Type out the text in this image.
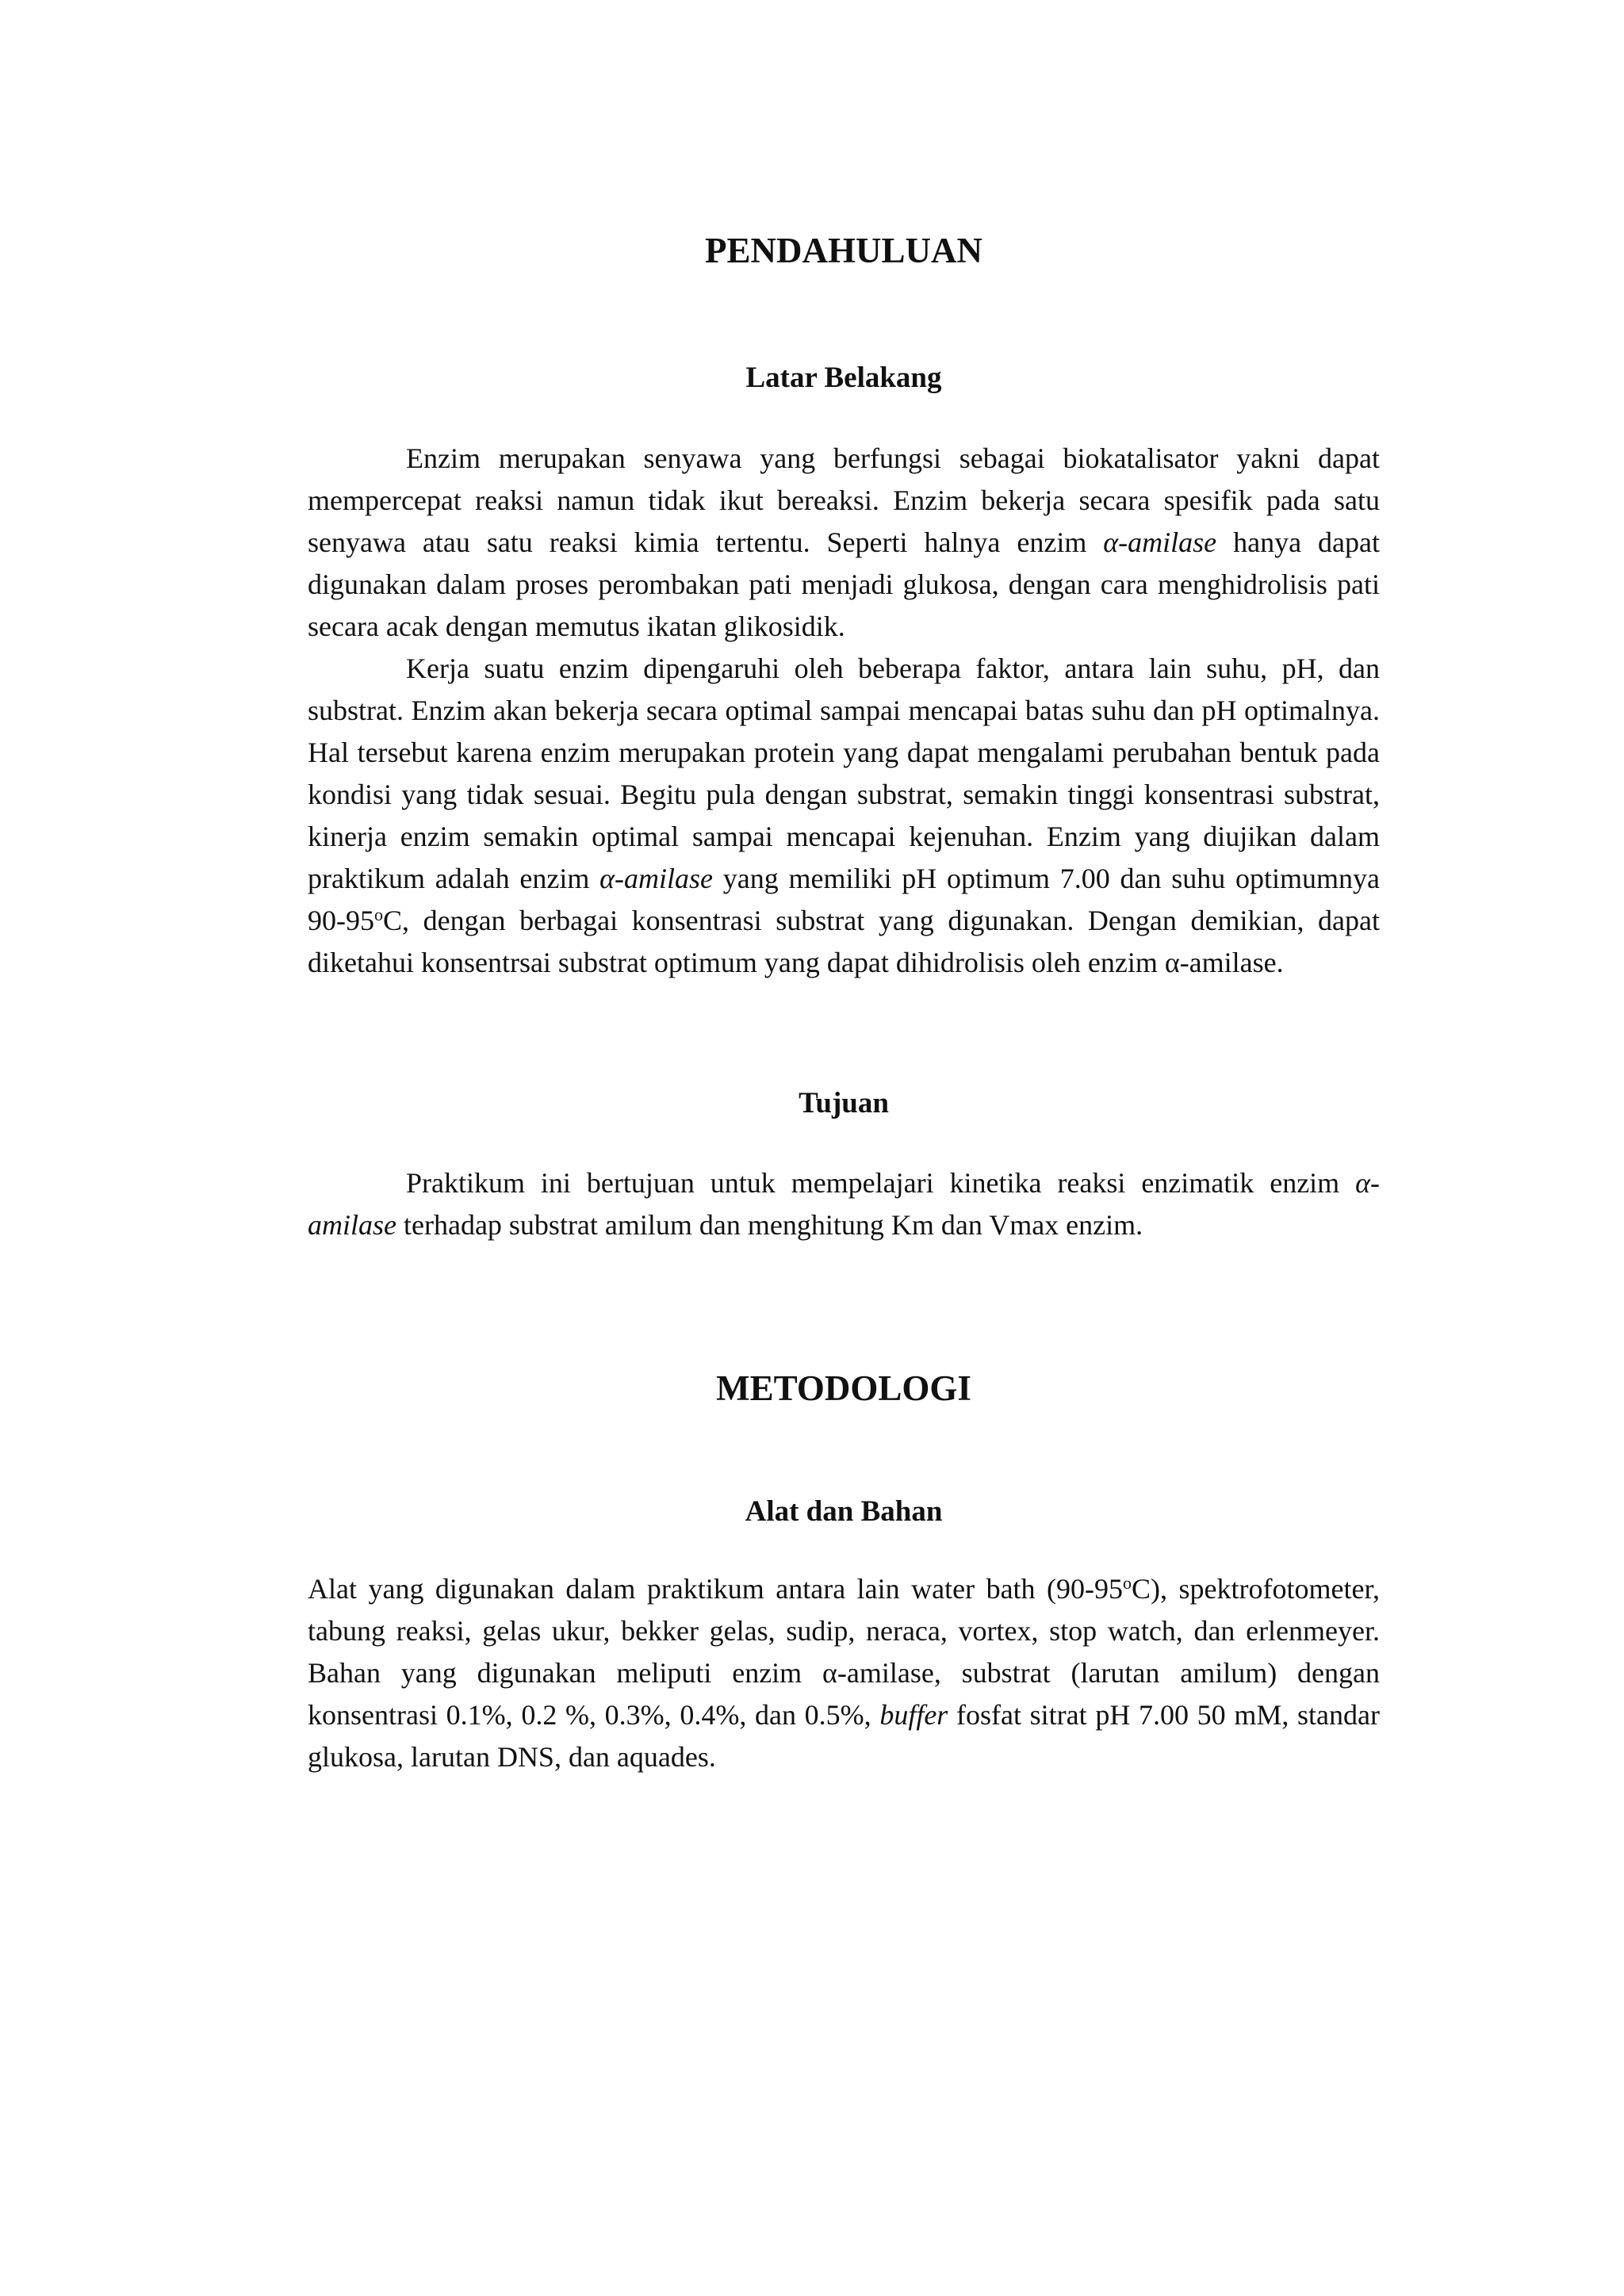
PENDAHULUAN
Latar Belakang

Enzim merupakan senyawa yang berfungsi sebagai biokatalisator yakni dapat mempercepat reaksi namun tidak ikut bereaksi. Enzim bekerja secara spesifik pada satu senyawa atau satu reaksi kimia tertentu. Seperti halnya enzim α-amilase hanya dapat digunakan dalam proses perombakan pati menjadi glukosa, dengan cara menghidrolisis pati secara acak dengan memutus ikatan glikosidik.

Kerja suatu enzim dipengaruhi oleh beberapa faktor, antara lain suhu, pH, dan substrat. Enzim akan bekerja secara optimal sampai mencapai batas suhu dan pH optimalnya. Hal tersebut karena enzim merupakan protein yang dapat mengalami perubahan bentuk pada kondisi yang tidak sesuai. Begitu pula dengan substrat, semakin tinggi konsentrasi substrat, kinerja enzim semakin optimal sampai mencapai kejenuhan. Enzim yang diujikan dalam praktikum adalah enzim α-amilase yang memiliki pH optimum 7.00 dan suhu optimumnya 90-95$^o$C, dengan berbagai konsentrasi substrat yang digunakan. Dengan demikian, dapat diketahui konsentrsai substrat optimum yang dapat dihidrolisis oleh enzim α-amilase.

Tujuan

Praktikum ini bertujuan untuk mempelajari kinetika reaksi enzimatik enzim α-amilase terhadap substrat amilum dan menghitung Km dan Vmax enzim.

METODOLOGI
Alat dan Bahan

Alat yang digunakan dalam praktikum antara lain water bath (90-95$^o$C), spektrofotometer, tabung reaksi, gelas ukur, bekker gelas, sudip, neraca, vortex, stop watch, dan erlenmeyer. Bahan yang digunakan meliputi enzim α-amilase, substrat (larutan amilum) dengan konsentrasi 0.1%, 0.2 %, 0.3%, 0.4%, dan 0.5%, buffer fosfat sitrat pH 7.00 50 mM, standar glukosa, larutan DNS, dan aquades.
